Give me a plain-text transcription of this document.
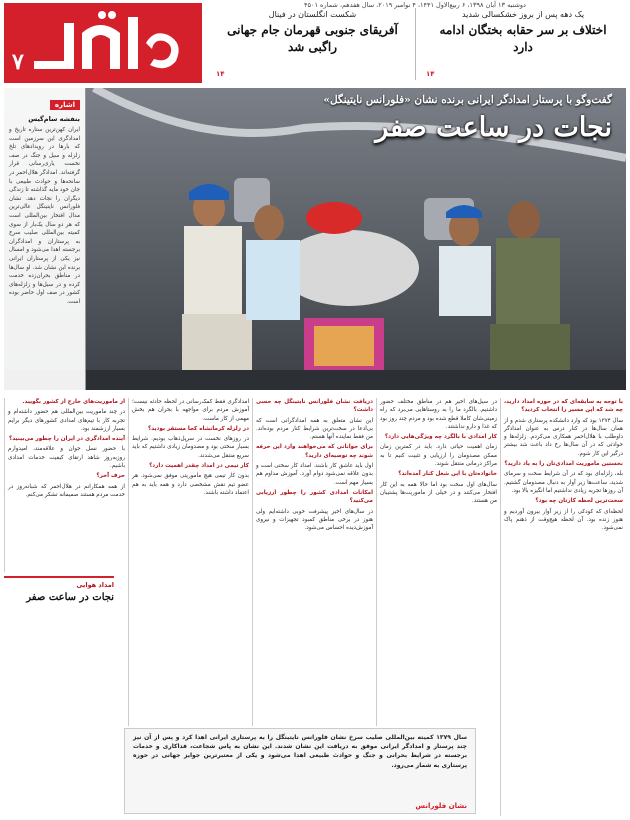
۷
دوشنبه ۱۳ آبان ۱۳۹۸، ۶ ربیع‌الاول ۱۴۴۱، ۴ نوامبر ۲۰۱۹، سال هفدهم، شماره ۴۵۰۱
یک دهه پس از بروز خشکسالی شدید
اختلاف بر سر حقابه بختگان ادامه دارد
۱۴
شکست انگلستان در فینال
آفریقای جنوبی قهرمان جام جهانی راگبی شد
۱۴
گفت‌وگو با پرستار امدادگر ایرانی برنده نشان «فلورانس نایتینگل»
نجات در ساعت صفر
اشاره
بنفشه سام‌گیس
ایران کهن‌ترین ستاره تاریخ و امدادگری این سرزمین است که بارها در رویدادهای تلخ زلزله و سیل و جنگ در صف نخست یاری‌رسانی قرار گرفته‌اند. امدادگر هلال‌احمر در سانحه‌ها و حوادث طبیعی با جان خود مایه گذاشته تا زندگی دیگران را نجات دهد. نشان فلورانس نایتینگل عالی‌ترین مدال افتخار بین‌المللی است که هر دو سال یک‌بار از سوی کمیته بین‌المللی صلیب سرخ به پرستاران و امدادگران برجسته اهدا می‌شود و امسال نیز یکی از پرستاران ایرانی برنده این نشان شد. او سال‌ها در مناطق بحران‌زده خدمت کرده و در سیل‌ها و زلزله‌های کشور در صف اول حاضر بوده است.

با توجه به سابقه‌ای که در حوزه امداد دارید، چه شد که این مسیر را انتخاب کردید؟

سال ۱۳۷۴ بود که وارد دانشکده پرستاری شدم و از همان سال‌ها در کنار درس به عنوان امدادگر داوطلب با هلال‌احمر همکاری می‌کردم. زلزله‌ها و حوادثی که در آن سال‌ها رخ داد باعث شد بیشتر درگیر این کار شوم.

نخستین ماموریت امدادی‌تان را به یاد دارید؟

بله، زلزله‌ای بود که در آن شرایط سخت و سرمای شدید، ساعت‌ها زیر آوار به دنبال مصدومان گشتیم. آن روزها تجربه زیادی نداشتیم اما انگیزه بالا بود.

سخت‌ترین لحظه کارتان چه بود؟

لحظه‌ای که کودکی را از زیر آوار بیرون آوردیم و هنوز زنده بود. آن لحظه هیچ‌وقت از ذهنم پاک نمی‌شود.

در سیل‌های اخیر هم در مناطق مختلف حضور داشتیم. بالگرد ما را به روستاهایی می‌برد که راه زمینی‌شان کاملا قطع شده بود و مردم چند روز بود که غذا و دارو نداشتند.

کار امدادی با بالگرد چه ویژگی‌هایی دارد؟

زمان اهمیت حیاتی دارد. باید در کمترین زمان ممکن مصدومان را ارزیابی و تثبیت کنیم تا به مراکز درمانی منتقل شوند.

خانواده‌تان با این شغل کنار آمده‌اند؟

سال‌های اول سخت بود اما حالا همه به این کار افتخار می‌کنند و در خیلی از ماموریت‌ها پشتیبان من هستند.

دریافت نشان فلورانس نایتینگل چه حسی داشت؟

این نشان متعلق به همه امدادگرانی است که بی‌ادعا در سخت‌ترین شرایط کنار مردم بوده‌اند. من فقط نماینده آنها هستم.

برای جوانانی که می‌خواهند وارد این حرفه شوند چه توصیه‌ای دارید؟

اول باید عاشق کار باشند. امداد کار سختی است و بدون علاقه نمی‌شود دوام آورد. آموزش مداوم هم بسیار مهم است.

امکانات امدادی کشور را چطور ارزیابی می‌کنید؟

در سال‌های اخیر پیشرفت خوبی داشته‌ایم ولی هنوز در برخی مناطق کمبود تجهیزات و نیروی آموزش‌دیده احساس می‌شود.

امدادگری فقط کمک‌رسانی در لحظه حادثه نیست؛ آموزش مردم برای مواجهه با بحران هم بخش مهمی از کار ماست.

در زلزله کرمانشاه کجا مستقر بودید؟

در روزهای نخست در سرپل‌ذهاب بودیم. شرایط بسیار سختی بود و مصدومان زیادی داشتیم که باید سریع منتقل می‌شدند.

کار تیمی در امداد چقدر اهمیت دارد؟

بدون کار تیمی هیچ ماموریتی موفق نمی‌شود. هر عضو تیم نقش مشخصی دارد و همه باید به هم اعتماد داشته باشند.

از ماموریت‌های خارج از کشور بگویید.

در چند ماموریت بین‌المللی هم حضور داشته‌ام و تجربه کار با تیم‌های امدادی کشورهای دیگر برایم بسیار ارزشمند بود.

آینده امدادگری در ایران را چطور می‌بینید؟

با حضور نسل جوان و علاقه‌مند، امیدوارم روزبه‌روز شاهد ارتقای کیفیت خدمات امدادی باشیم.

حرف آخر؟

از همه همکارانم در هلال‌احمر که شبانه‌روز در خدمت مردم هستند صمیمانه تشکر می‌کنم.

امداد هوایی
نجات در ساعت صفر
سال ۱۳۷۹ کمیته بین‌المللی صلیب سرخ نشان فلورانس نایتینگل را به پرستاری ایرانی اهدا کرد و پس از آن نیز چند پرستار و امدادگر ایرانی موفق به دریافت این نشان شدند. این نشان به پاس شجاعت، فداکاری و خدمات برجسته در شرایط بحرانی و جنگ و حوادث طبیعی اهدا می‌شود و یکی از معتبرترین جوایز جهانی در حوزه پرستاری به شمار می‌رود.
نشان فلورانس
